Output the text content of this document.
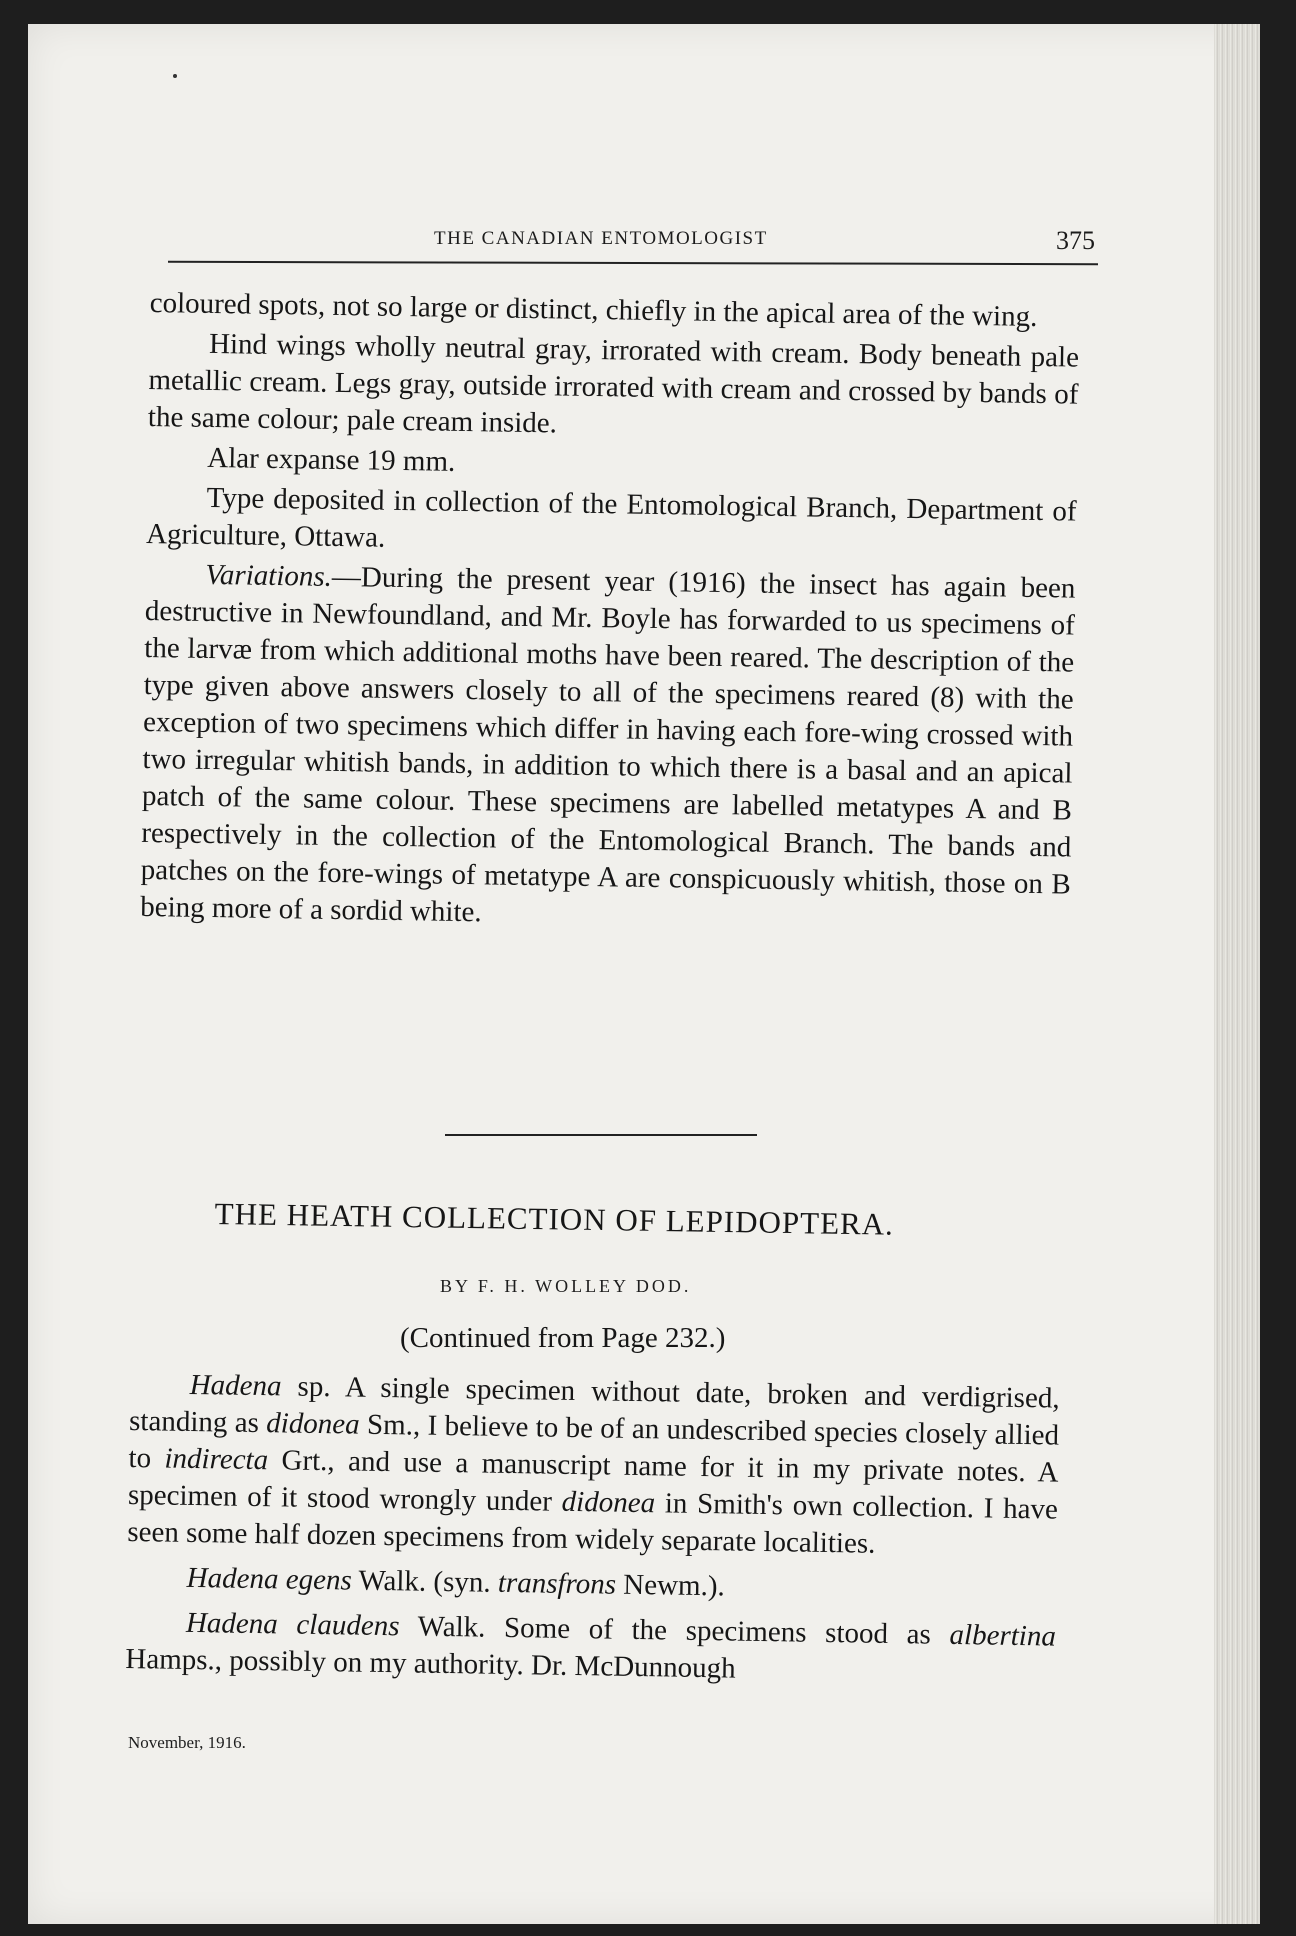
THE CANADIAN ENTOMOLOGIST	375

coloured spots, not so large or distinct, chiefly in the apical area of the wing.

Hind wings wholly neutral gray, irrorated with cream. Body beneath pale metallic cream. Legs gray, outside irrorated with cream and crossed by bands of the same colour; pale cream inside.

Alar expanse 19 mm.

Type deposited in collection of the Entomological Branch, Department of Agriculture, Ottawa.

Variations.—During the present year (1916) the insect has again been destructive in Newfoundland, and Mr. Boyle has forwarded to us specimens of the larvæ from which additional moths have been reared. The description of the type given above answers closely to all of the specimens reared (8) with the exception of two specimens which differ in having each fore-wing crossed with two irregular whitish bands, in addition to which there is a basal and an apical patch of the same colour. These specimens are labelled metatypes A and B respectively in the collection of the Entomological Branch. The bands and patches on the fore-wings of metatype A are conspicuously whitish, those on B being more of a sordid white.

THE HEATH COLLECTION OF LEPIDOPTERA.
BY F. H. WOLLEY DOD.
(Continued from Page 232.)

Hadena sp. A single specimen without date, broken and verdigrised, standing as didonea Sm., I believe to be of an undescribed species closely allied to indirecta Grt., and use a manuscript name for it in my private notes. A specimen of it stood wrongly under didonea in Smith's own collection. I have seen some half dozen specimens from widely separate localities.

Hadena egens Walk. (syn. transfrons Newm.).

Hadena claudens Walk. Some of the specimens stood as albertina Hamps., possibly on my authority. Dr. McDunnough

November, 1916.
